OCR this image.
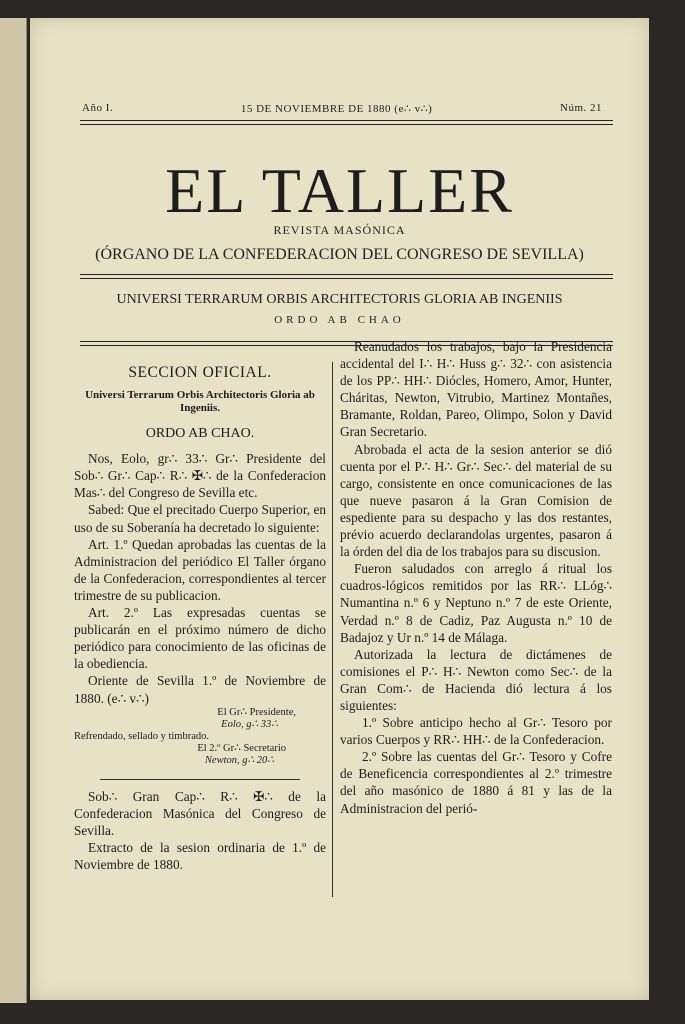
Año I.	15 DE NOVIEMBRE DE 1880 (e∴ v∴)	Núm. 21
EL TALLER
REVISTA MASÓNICA
(ÓRGANO DE LA CONFEDERACION DEL CONGRESO DE SEVILLA)
UNIVERSI TERRARUM ORBIS ARCHITECTORIS GLORIA AB INGENIIS
ORDO AB CHAO
SECCION OFICIAL.
Universi Terrarum Orbis Architectoris Gloria ab Ingeniis.
ORDO AB CHAO.

Nos, Eolo, gr∴ 33∴ Gr∴ Presidente del Sob∴ Gr∴ Cap∴ R∴ ✠∴ de la Confederacion Mas∴ del Congreso de Sevilla etc.

Sabed: Que el precitado Cuerpo Superior, en uso de su Soberanía ha decretado lo siguiente:

Art. 1.º Quedan aprobadas las cuentas de la Administracion del periódico El Taller órgano de la Confederacion, correspondientes al tercer trimestre de su publicacion.

Art. 2.º Las expresadas cuentas se publicarán en el próximo número de dicho periódico para conocimiento de las oficinas de la obediencia.

Oriente de Sevilla 1.º de Noviembre de 1880. (e∴ v∴)

El Gr∴ Presidente,
Eolo, g∴ 33∴
Refrendado, sellado y timbrado.
El 2.º Gr∴ Secretario
Newton, g∴ 20∴

Sob∴ Gran Cap∴ R∴ ✠∴ de la Confederacion Masónica del Congreso de Sevilla.

Extracto de la sesion ordinaria de 1.º de Noviembre de 1880.

Reanudados los trabajos, bajo la Presidencia accidental del I∴ H∴ Huss g∴ 32∴ con asistencia de los PP∴ HH∴ Diócles, Homero, Amor, Hunter, Cháritas, Newton, Vitrubio, Martinez Montañes, Bramante, Roldan, Pareo, Olimpo, Solon y David Gran Secretario.

Abrobada el acta de la sesion anterior se dió cuenta por el P∴ H∴ Gr∴ Sec∴ del material de su cargo, consistente en once comunicaciones de las que nueve pasaron á la Gran Comision de espediente para su despacho y las dos restantes, prévio acuerdo declarandolas urgentes, pasaron á la órden del dia de los trabajos para su discusion.

Fueron saludados con arreglo á ritual los cuadros-lógicos remitidos por las RR∴ LLóg∴ Numantina n.º 6 y Neptuno n.º 7 de este Oriente, Verdad n.º 8 de Cadiz, Paz Augusta n.º 10 de Badajoz y Ur n.º 14 de Málaga.

Autorizada la lectura de dictámenes de comisiones el P∴ H∴ Newton como Sec∴ de la Gran Com∴ de Hacienda dió lectura á los siguientes:

1.º Sobre anticipo hecho al Gr∴ Tesoro por varios Cuerpos y RR∴ HH∴ de la Confederacion.

2.º Sobre las cuentas del Gr∴ Tesoro y Cofre de Beneficencia correspondientes al 2.º trimestre del año masónico de 1880 á 81 y las de la Administracion del perió-
